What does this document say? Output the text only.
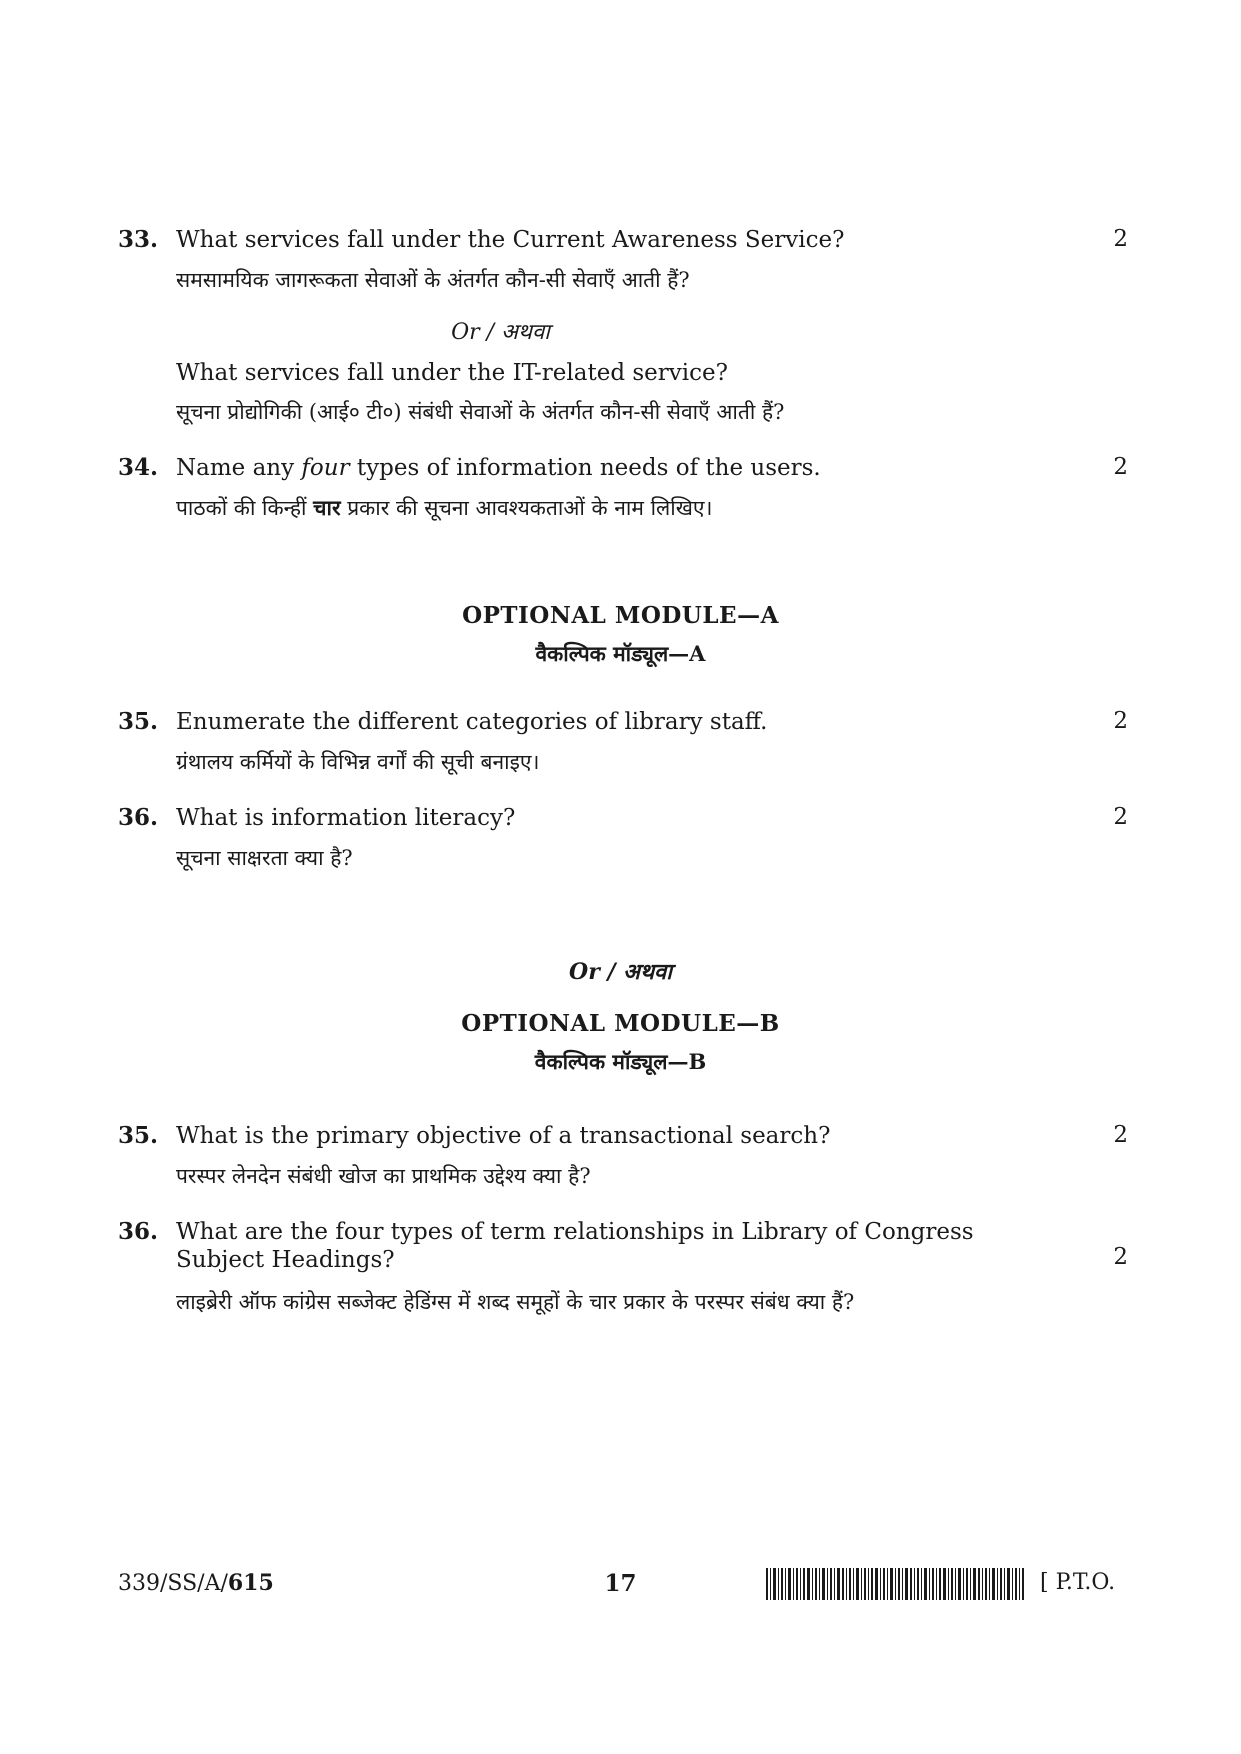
33. What services fall under the Current Awareness Service?	2
समसामयिक जागरूकता सेवाओं के अंतर्गत कौन-सी सेवाएँ आती हैं?
Or / अथवा
What services fall under the IT-related service?
सूचना प्रोद्योगिकी (आई० टी०) संबंधी सेवाओं के अंतर्गत कौन-सी सेवाएँ आती हैं?
34. Name any four types of information needs of the users.	2
पाठकों की किन्हीं चार प्रकार की सूचना आवश्यकताओं के नाम लिखिए।
OPTIONAL MODULE—A
वैकल्पिक मॉड्यूल—A
35. Enumerate the different categories of library staff.	2
ग्रंथालय कर्मियों के विभिन्न वर्गों की सूची बनाइए।
36. What is information literacy?	2
सूचना साक्षरता क्या है?
Or / अथवा
OPTIONAL MODULE—B
वैकल्पिक मॉड्यूल—B
35. What is the primary objective of a transactional search?	2
परस्पर लेनदेन संबंधी खोज का प्राथमिक उद्देश्य क्या है?
36. What are the four types of term relationships in Library of Congress Subject Headings?	2
लाइब्रेरी ऑफ कांग्रेस सब्जेक्ट हेडिंग्स में शब्द समूहों के चार प्रकार के परस्पर संबंध क्या हैं?
339/SS/A/615	17	[ P.T.O.
